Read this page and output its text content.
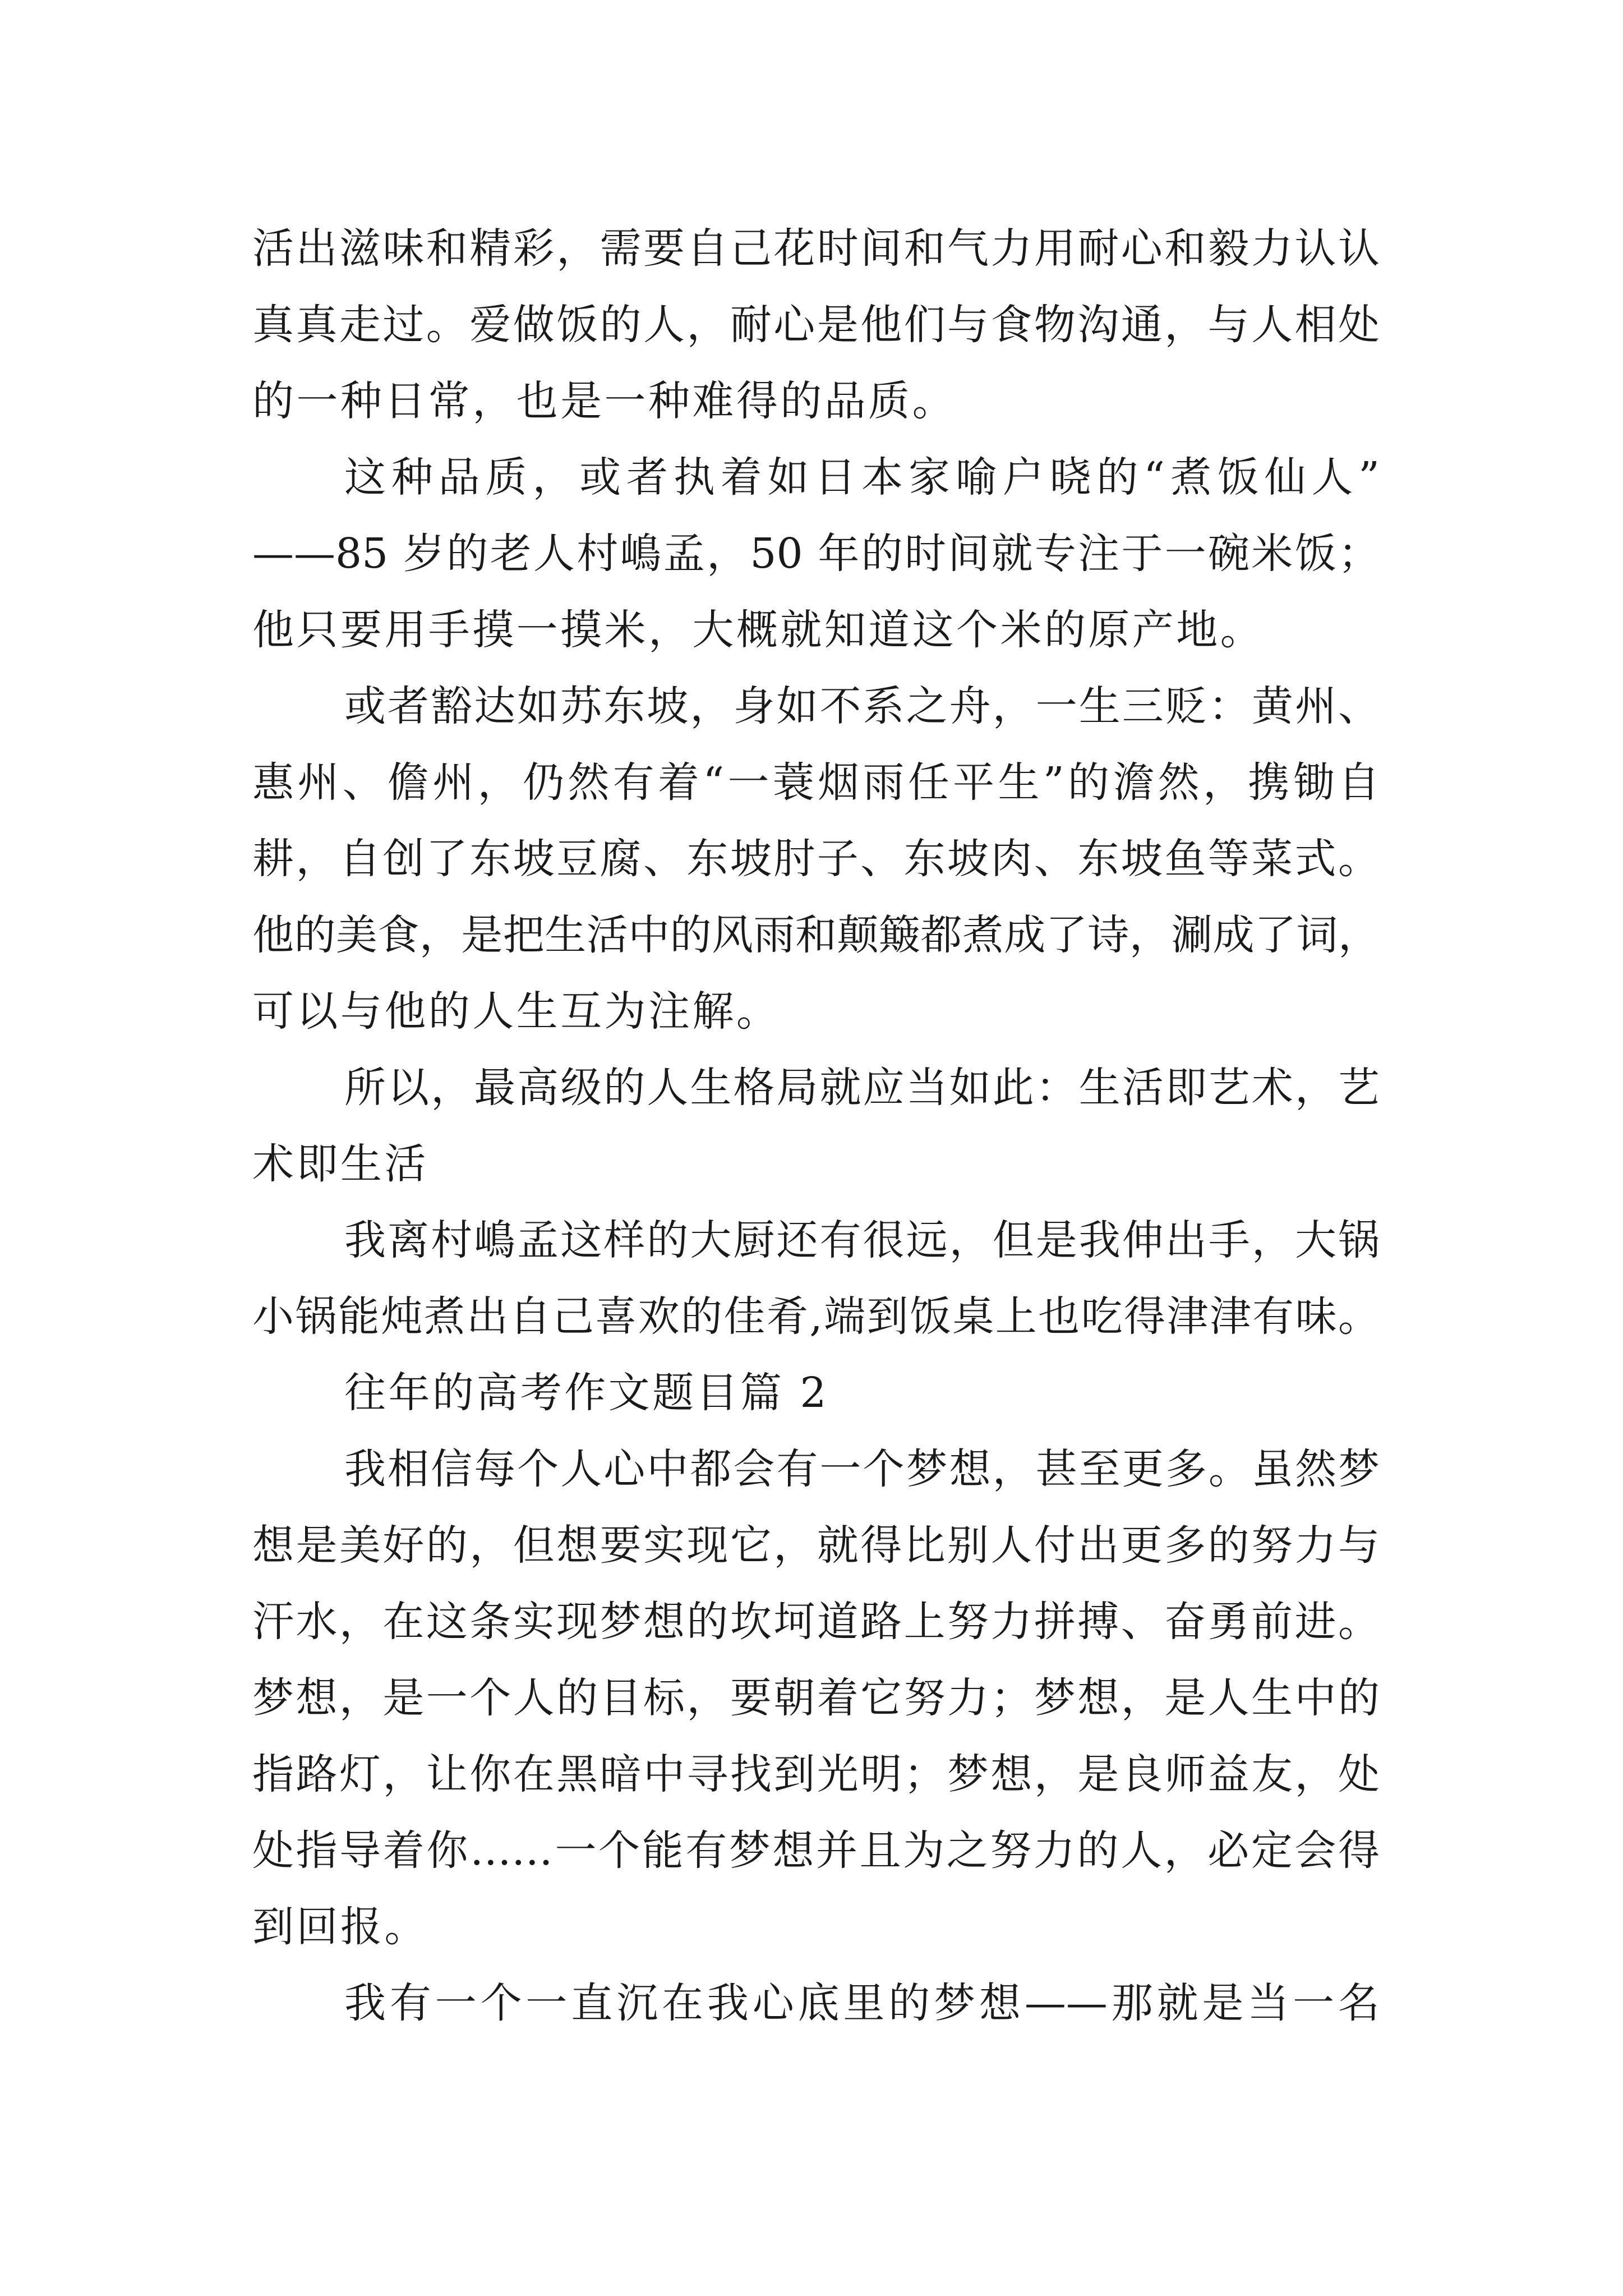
活出滋味和精彩，需要自己花时间和气力用耐心和毅力认认
真真走过。爱做饭的人，耐心是他们与食物沟通，与人相处
的一种日常，也是一种难得的品质。
这种品质，或者执着如日本家喻户晓的“煮饭仙人”
——85 岁的老人村嶋孟，50 年的时间就专注于一碗米饭；
他只要用手摸一摸米，大概就知道这个米的原产地。
或者豁达如苏东坡，身如不系之舟，一生三贬：黄州、
惠州、儋州，仍然有着“一蓑烟雨任平生”的澹然，携锄自
耕，自创了东坡豆腐、东坡肘子、东坡肉、东坡鱼等菜式。
他的美食，是把生活中的风雨和颠簸都煮成了诗，涮成了词，
可以与他的人生互为注解。
所以，最高级的人生格局就应当如此：生活即艺术，艺
术即生活
我离村嶋孟这样的大厨还有很远，但是我伸出手，大锅
小锅能炖煮出自己喜欢的佳肴,端到饭桌上也吃得津津有味。
往年的高考作文题目篇 2
我相信每个人心中都会有一个梦想，甚至更多。虽然梦
想是美好的，但想要实现它，就得比别人付出更多的努力与
汗水，在这条实现梦想的坎坷道路上努力拼搏、奋勇前进。
梦想，是一个人的目标，要朝着它努力；梦想，是人生中的
指路灯，让你在黑暗中寻找到光明；梦想，是良师益友，处
处指导着你……一个能有梦想并且为之努力的人，必定会得
到回报。
我有一个一直沉在我心底里的梦想——那就是当一名
